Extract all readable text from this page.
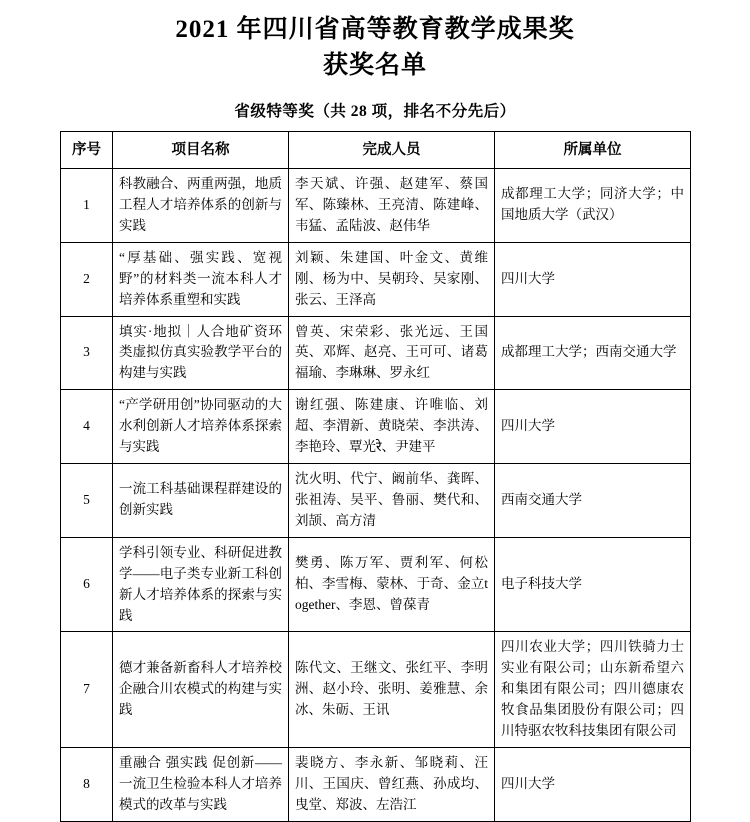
2021 年四川省高等教育教学成果奖
获奖名单
省级特等奖（共 28 项，排名不分先后）
序号	项目名称	完成人员	所属单位
1	科教融合、两重两强，地质工程人才培养体系的创新与实践	李天斌、许强、赵建军、蔡国军、陈臻林、王亮清、陈建峰、韦猛、孟陆波、赵伟华	成都理工大学；同济大学；中国地质大学（武汉）
2	“厚基础、强实践、宽视野”的材料类一流本科人才培养体系重塑和实践	刘颖、朱建国、叶金文、黄维刚、杨为中、吴朝玲、吴家刚、张云、王泽高	四川大学
3	填实·地拟｜人合地矿资环类虚拟仿真实验教学平台的构建与实践	曾英、宋荣彩、张光远、王国英、邓辉、赵亮、王可可、诸葛福瑜、李琳琳、罗永红	成都理工大学；西南交通大学
4	“产学研用创”协同驱动的大水利创新人才培养体系探索与实践	谢红强、陈建康、许唯临、刘超、李渭新、黄晓荣、李洪涛、李艳玲、覃光रे、尹建平	四川大学
5	一流工科基础课程群建设的创新实践	沈火明、代宁、阚前华、龚晖、张祖涛、吴平、鲁丽、樊代和、刘颉、高方清	西南交通大学
6	学科引领专业、科研促进教学——电子类专业新工科创新人才培养体系的探索与实践	樊勇、陈万军、贾利军、何松柏、李雪梅、蒙林、于奇、金立together、李恩、曾葆青	电子科技大学
7	德才兼备新畜科人才培养校企融合川农模式的构建与实践	陈代文、王继文、张红平、李明洲、赵小玲、张明、姜雅慧、余冰、朱砺、王讯	四川农业大学；四川铁骑力士实业有限公司；山东新希望六和集团有限公司；四川德康农牧食品集团股份有限公司；四川特驱农牧科技集团有限公司
8	重融合 强实践 促创新——一流卫生检验本科人才培养模式的改革与实践	裴晓方、李永新、邹晓莉、汪川、王国庆、曾红燕、孙成均、曳堂、郑波、左浩江	四川大学
